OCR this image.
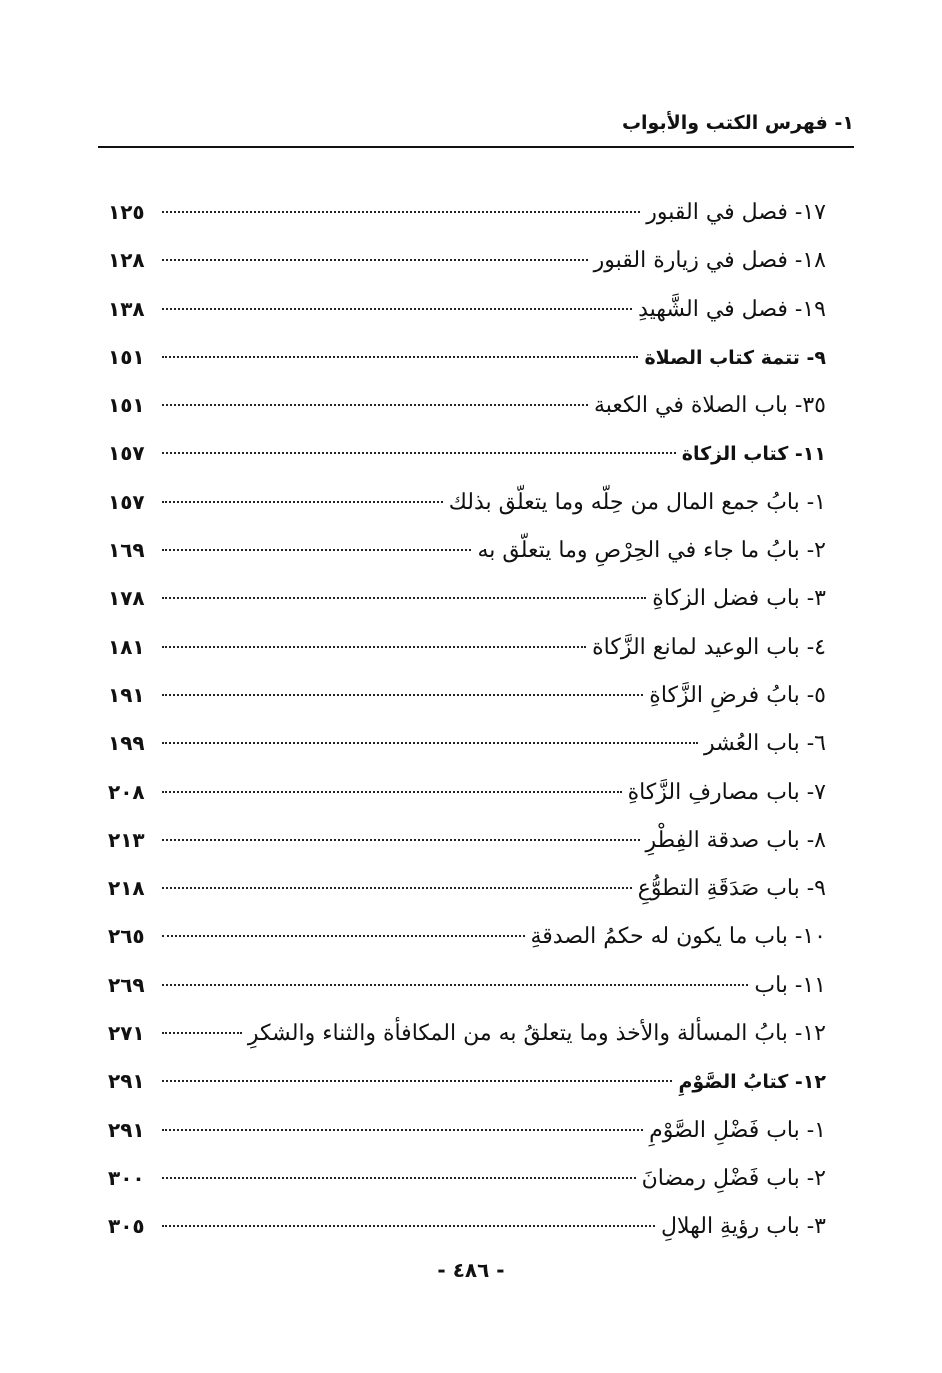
١- فهرس الكتب والأبواب
١٧- فصل في القبور
١٢٥
١٨- فصل في زيارة القبور
١٢٨
١٩- فصل في الشَّهيدِ
١٣٨
٩- تتمة كتاب الصلاة
١٥١
٣٥- باب الصلاة في الكعبة
١٥١
١١- كتاب الزكاة
١٥٧
١- بابُ جمع المال من حِلّه وما يتعلّق بذلك
١٥٧
٢- بابُ ما جاء في الحِرْصِ وما يتعلّق به
١٦٩
٣- باب فضل الزكاةِ
١٧٨
٤- باب الوعيد لمانع الزَّكاة
١٨١
٥- بابُ فرضِ الزَّكاةِ
١٩١
٦- باب العُشر
١٩٩
٧- باب مصارفِ الزَّكاةِ
٢٠٨
٨- باب صدقة الفِطْرِ
٢١٣
٩- باب صَدَقَةِ التطوُّعِ
٢١٨
١٠- باب ما يكون له حكمُ الصدقةِ
٢٦٥
١١- باب
٢٦٩
١٢- بابُ المسألة والأخذ وما يتعلقُ به من المكافأة والثناء والشكرِ
٢٧١
١٢- كتابُ الصَّوْمِ
٢٩١
١- باب فَضْلِ الصَّوْمِ
٢٩١
٢- باب فَضْلِ رمضانَ
٣٠٠
٣- باب رؤيةِ الهلالِ
٣٠٥
- ٤٨٦ -
